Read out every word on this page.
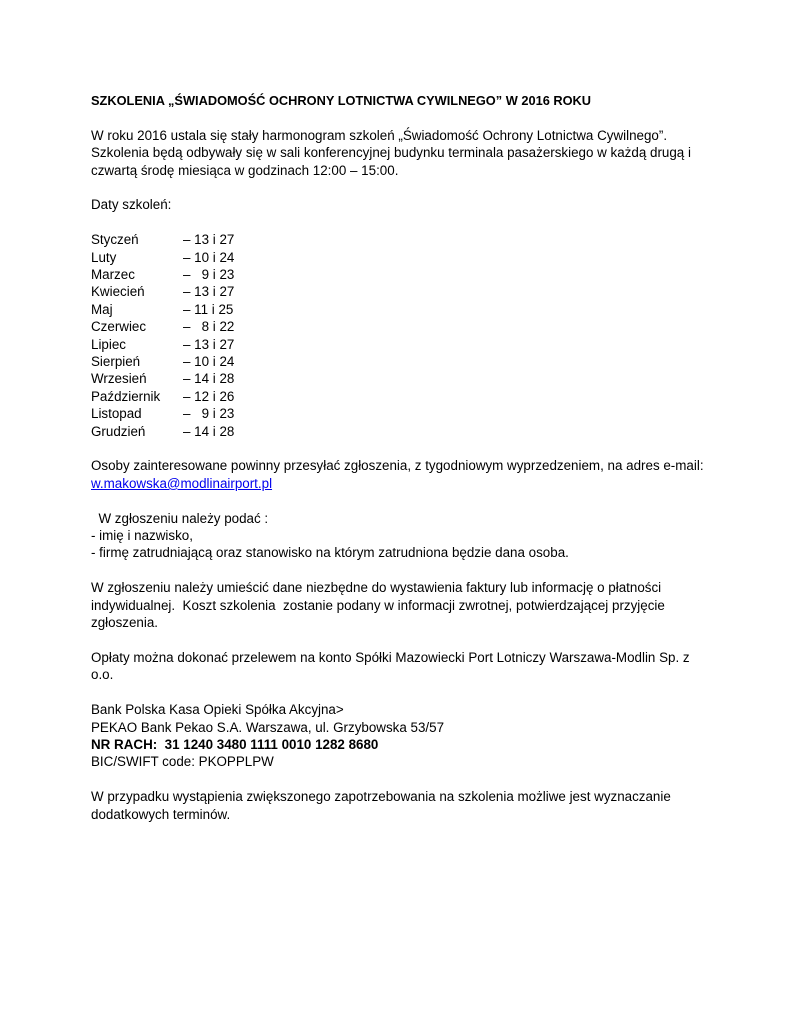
SZKOLENIA „ŚWIADOMOŚĆ OCHRONY LOTNICTWA CYWILNEGO” W 2016 ROKU

W roku 2016 ustala się stały harmonogram szkoleń „Świadomość Ochrony Lotnictwa Cywilnego”.
Szkolenia będą odbywały się w sali konferencyjnej budynku terminala pasażerskiego w każdą drugą i
czwartą środę miesiąca w godzinach 12:00 – 15:00.

Daty szkoleń:

Styczeń	– 13 i 27
Luty	– 10 i 24
Marzec	–   9 i 23
Kwiecień	– 13 i 27
Maj	– 11 i 25
Czerwiec	–   8 i 22
Lipiec	– 13 i 27
Sierpień	– 10 i 24
Wrzesień	– 14 i 28
Październik	– 12 i 26
Listopad	–   9 i 23
Grudzień	– 14 i 28

Osoby zainteresowane powinny przesyłać zgłoszenia, z tygodniowym wyprzedzeniem, na adres e-mail:
w.makowska@modlinairport.pl

W zgłoszeniu należy podać :
- imię i nazwisko,
- firmę zatrudniającą oraz stanowisko na którym zatrudniona będzie dana osoba.

W zgłoszeniu należy umieścić dane niezbędne do wystawienia faktury lub informację o płatności
indywidualnej.  Koszt szkolenia  zostanie podany w informacji zwrotnej, potwierdzającej przyjęcie
zgłoszenia.

Opłaty można dokonać przelewem na konto Spółki Mazowiecki Port Lotniczy Warszawa-Modlin Sp. z o.o.

Bank Polska Kasa Opieki Spółka Akcyjna>
PEKAO Bank Pekao S.A. Warszawa, ul. Grzybowska 53/57
NR RACH:  31 1240 3480 1111 0010 1282 8680
BIC/SWIFT code: PKOPPLPW

W przypadku wystąpienia zwiększonego zapotrzebowania na szkolenia możliwe jest wyznaczanie
dodatkowych terminów.
